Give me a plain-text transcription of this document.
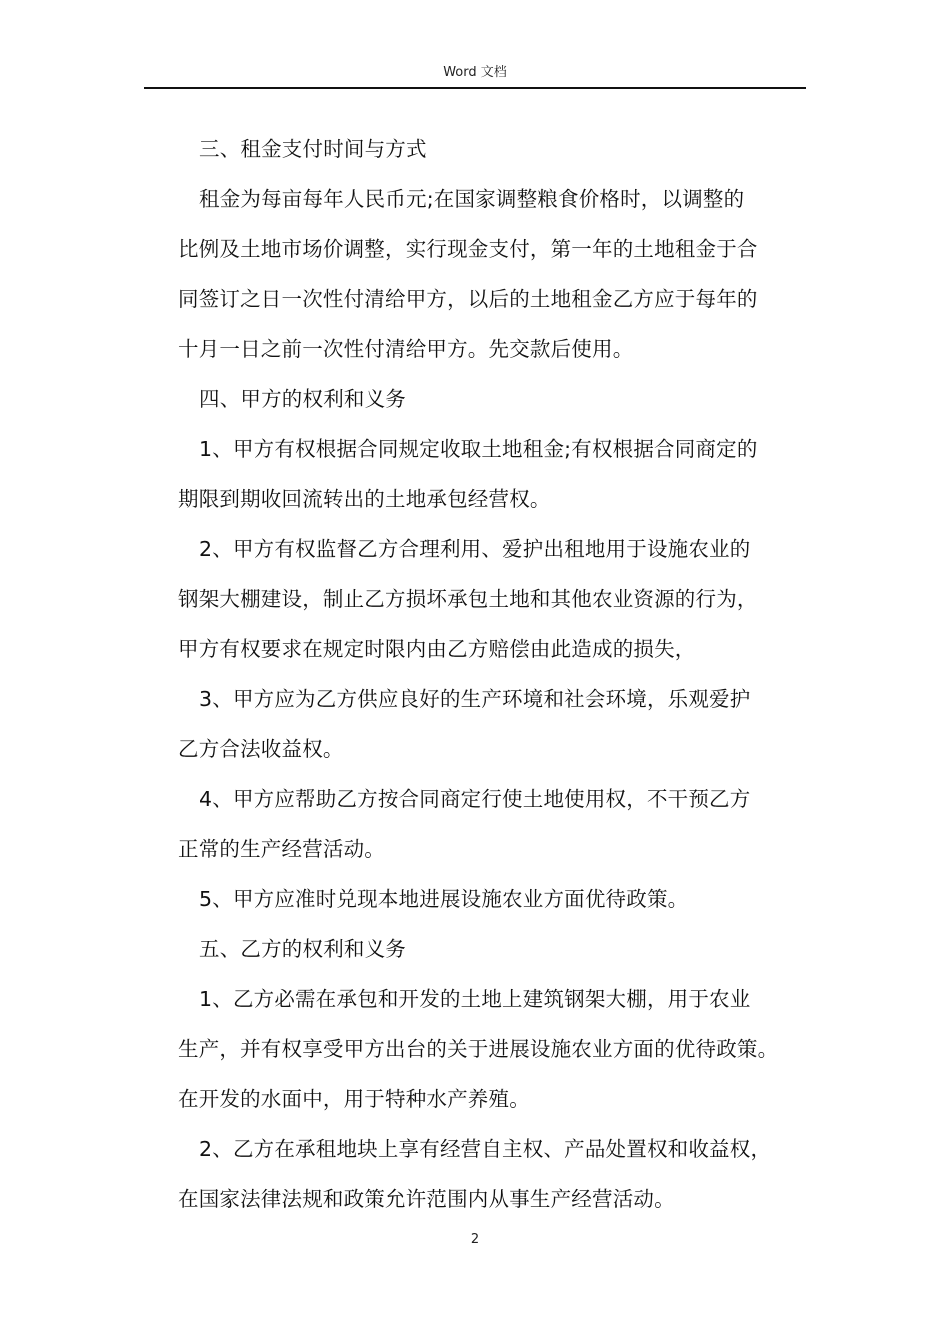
Word 文档
三、租金支付时间与方式
租金为每亩每年人民币元;在国家调整粮食价格时，以调整的
比例及土地市场价调整，实行现金支付，第一年的土地租金于合
同签订之日一次性付清给甲方，以后的土地租金乙方应于每年的
十月一日之前一次性付清给甲方。先交款后使用。
四、甲方的权利和义务
1、甲方有权根据合同规定收取土地租金;有权根据合同商定的
期限到期收回流转出的土地承包经营权。
2、甲方有权监督乙方合理利用、爱护出租地用于设施农业的
钢架大棚建设，制止乙方损坏承包土地和其他农业资源的行为，
甲方有权要求在规定时限内由乙方赔偿由此造成的损失，
3、甲方应为乙方供应良好的生产环境和社会环境，乐观爱护
乙方合法收益权。
4、甲方应帮助乙方按合同商定行使土地使用权，不干预乙方
正常的生产经营活动。
5、甲方应准时兑现本地进展设施农业方面优待政策。
五、乙方的权利和义务
1、乙方必需在承包和开发的土地上建筑钢架大棚，用于农业
生产，并有权享受甲方出台的关于进展设施农业方面的优待政策。
在开发的水面中，用于特种水产养殖。
2、乙方在承租地块上享有经营自主权、产品处置权和收益权，
在国家法律法规和政策允许范围内从事生产经营活动。
2
